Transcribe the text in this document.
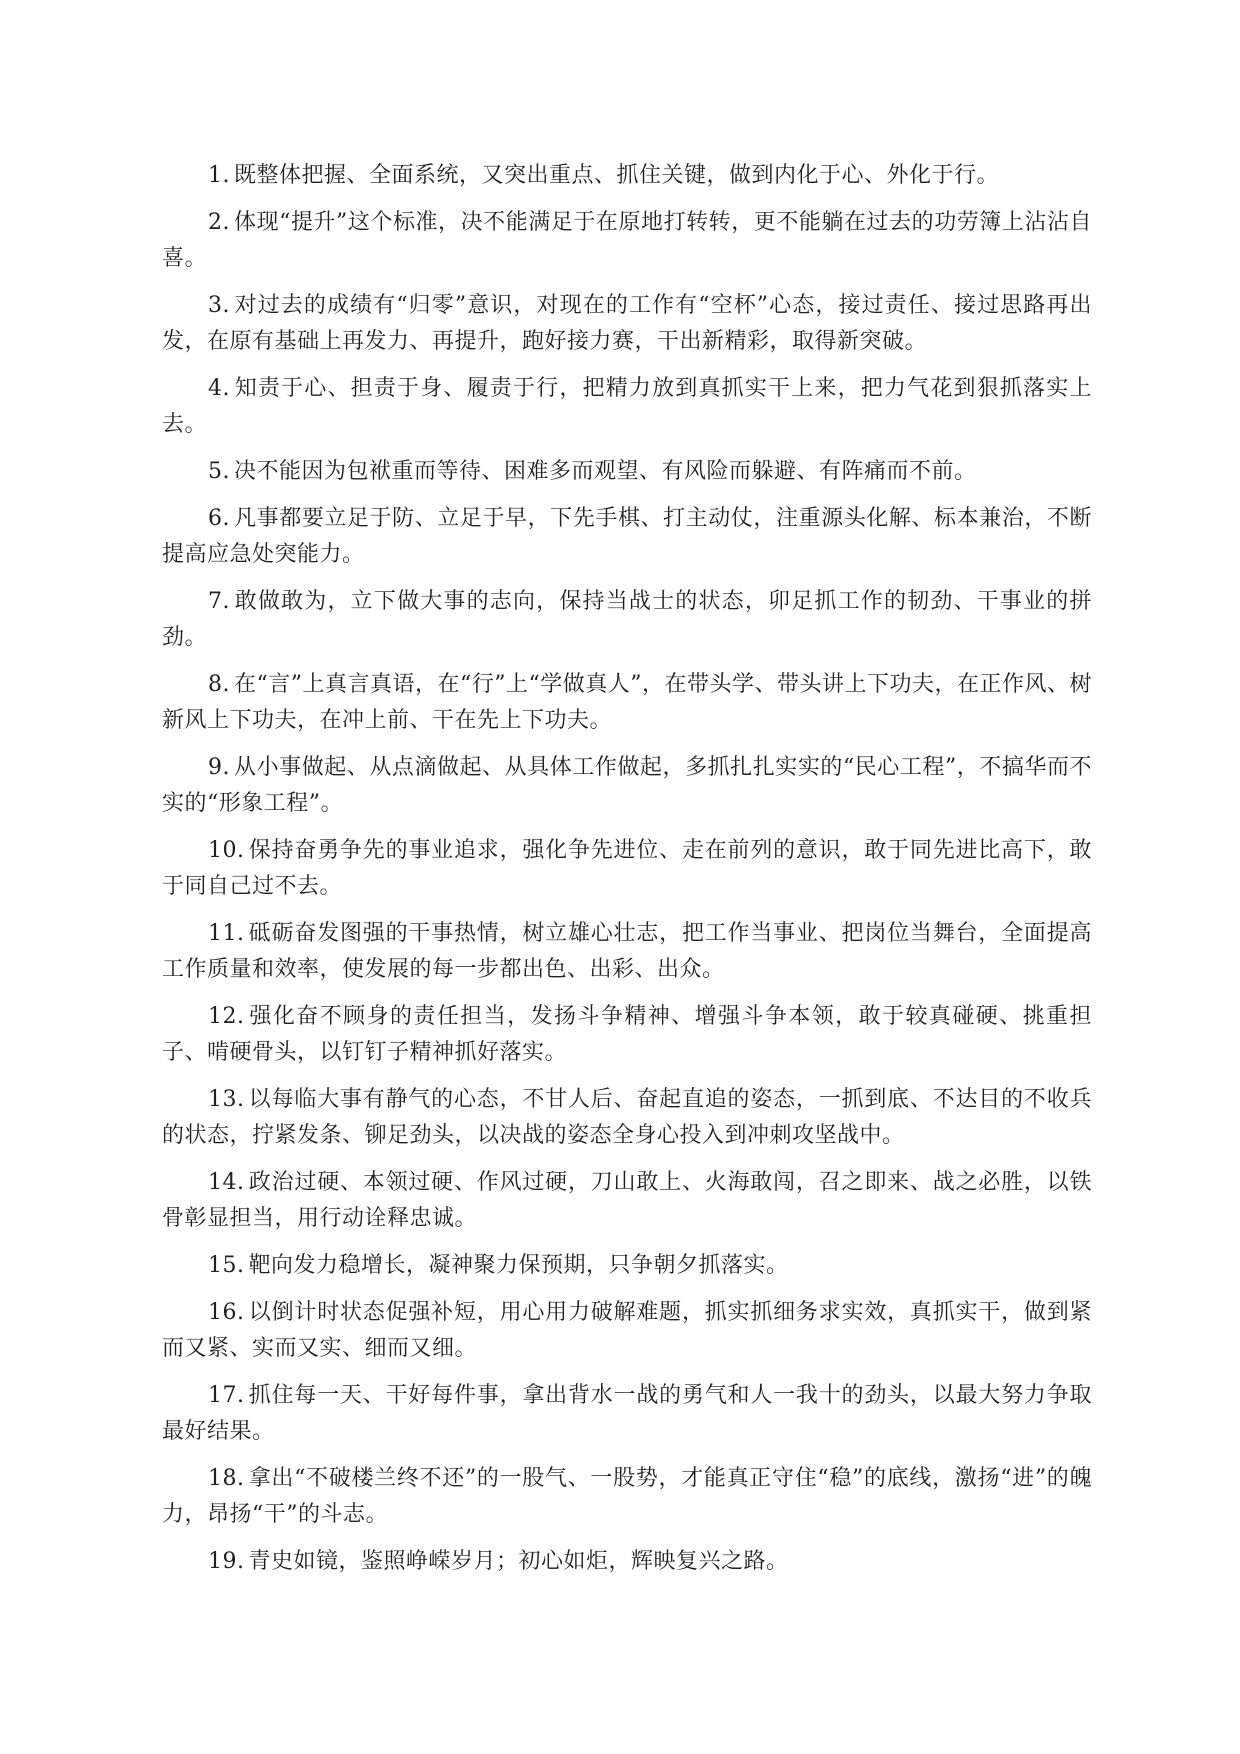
1. 既整体把握、全面系统，又突出重点、抓住关键，做到内化于心、外化于行。

2. 体现“提升”这个标准，决不能满足于在原地打转转，更不能躺在过去的功劳簿上沾沾自喜。

3. 对过去的成绩有“归零”意识，对现在的工作有“空杯”心态，接过责任、接过思路再出发，在原有基础上再发力、再提升，跑好接力赛，干出新精彩，取得新突破。

4. 知责于心、担责于身、履责于行，把精力放到真抓实干上来，把力气花到狠抓落实上去。

5. 决不能因为包袱重而等待、困难多而观望、有风险而躲避、有阵痛而不前。

6. 凡事都要立足于防、立足于早，下先手棋、打主动仗，注重源头化解、标本兼治，不断提高应急处突能力。

7. 敢做敢为，立下做大事的志向，保持当战士的状态，卯足抓工作的韧劲、干事业的拼劲。

8. 在“言”上真言真语，在“行”上“学做真人”，在带头学、带头讲上下功夫，在正作风、树新风上下功夫，在冲上前、干在先上下功夫。

9. 从小事做起、从点滴做起、从具体工作做起，多抓扎扎实实的“民心工程”，不搞华而不实的“形象工程”。

10. 保持奋勇争先的事业追求，强化争先进位、走在前列的意识，敢于同先进比高下，敢于同自己过不去。

11. 砥砺奋发图强的干事热情，树立雄心壮志，把工作当事业、把岗位当舞台，全面提高工作质量和效率，使发展的每一步都出色、出彩、出众。

12. 强化奋不顾身的责任担当，发扬斗争精神、增强斗争本领，敢于较真碰硬、挑重担子、啃硬骨头，以钉钉子精神抓好落实。

13. 以每临大事有静气的心态，不甘人后、奋起直追的姿态，一抓到底、不达目的不收兵的状态，拧紧发条、铆足劲头，以决战的姿态全身心投入到冲刺攻坚战中。

14. 政治过硬、本领过硬、作风过硬，刀山敢上、火海敢闯，召之即来、战之必胜，以铁骨彰显担当，用行动诠释忠诚。

15. 靶向发力稳增长，凝神聚力保预期，只争朝夕抓落实。

16. 以倒计时状态促强补短，用心用力破解难题，抓实抓细务求实效，真抓实干，做到紧而又紧、实而又实、细而又细。

17. 抓住每一天、干好每件事，拿出背水一战的勇气和人一我十的劲头，以最大努力争取最好结果。

18. 拿出“不破楼兰终不还”的一股气、一股势，才能真正守住“稳”的底线，激扬“进”的魄力，昂扬“干”的斗志。

19. 青史如镜，鉴照峥嵘岁月；初心如炬，辉映复兴之路。
